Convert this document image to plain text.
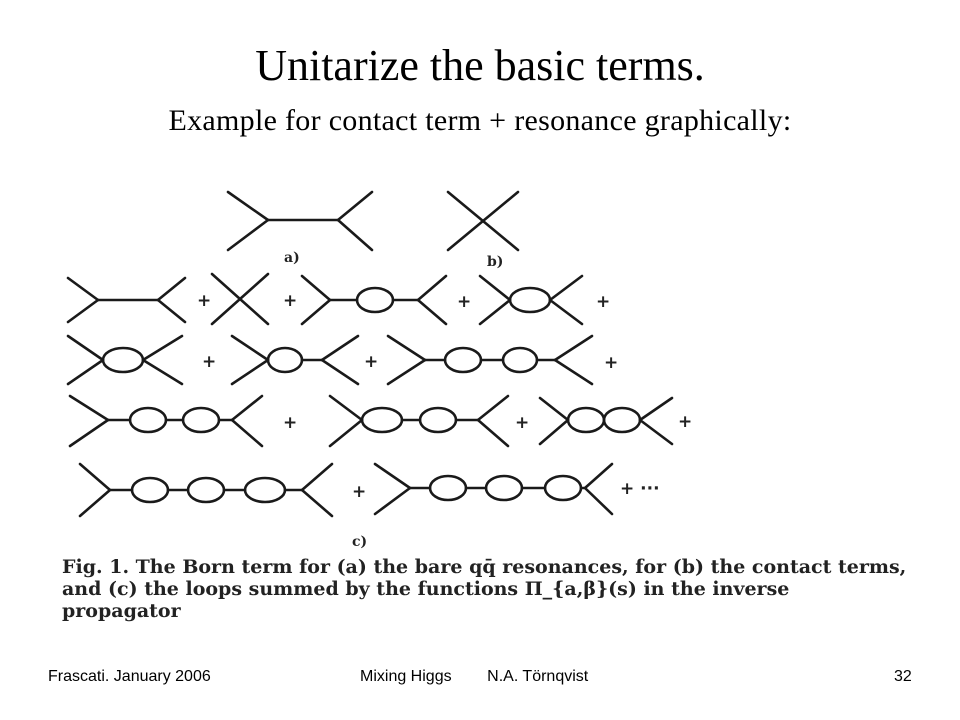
Unitarize the basic terms.
Example for contact term + resonance graphically:
a)	b)
c)
+	+	+	+
+	+	+
+	+	+
+	+ ···
Fig. 1. The Born term for (a) the bare qq̄ resonances, for (b) the contact terms, and (c) the loops summed by the functions Π_{a,β}(s) in the inverse propagator
Frascati. January 2006	Mixing Higgs        N.A. Törnqvist	32
